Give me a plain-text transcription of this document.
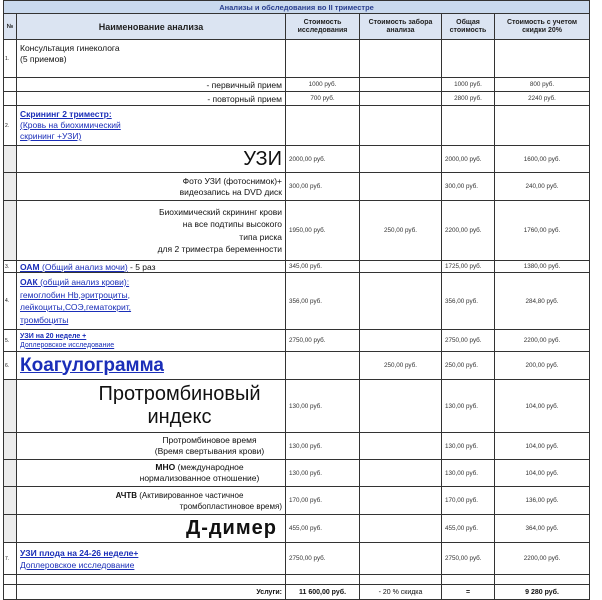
Анализы и обследования во II триместре					
№	Наименование анализа	Стоимость исследования	Стоимость забора анализа	Общая стоимость	Стоимость с учетом скидки 20%
1.	Консультация гинеколога
(5 приемов)				

	- первичный прием	1000 руб.		1000 руб.	800 руб.
	- повторный прием	700 руб.		2800 руб.	2240 руб.
2.	Скрининг 2 триместр:
(Кровь на биохимический
скрининг +УЗИ)				

	УЗИ	2000,00 руб.		2000,00 руб.	1600,00 руб.

	Фото УЗИ (фотоснимок)+
видеозапись на DVD диск	300,00 руб.		300,00 руб.	240,00 руб.

	Биохимический скрининг крови
на все подтипы высокого
типа риска
для 2 триместра беременности	1950,00 руб.	250,00 руб.	2200,00 руб.	1760,00 руб.
3.	ОАМ (Общий анализ мочи) - 5 раз	345,00 руб.		1725,00 руб.	1380,00 руб.
4.	ОАК (общий анализ крови):
гемоглобин Hb,эритроциты,
лейкоциты,СОЭ,гематокрит,
тромбоциты	356,00 руб.		356,00 руб.	284,80 руб.
5.	УЗИ на 20 неделе +
Доплеровское исследование	2750,00 руб.		2750,00 руб.	2200,00 руб.
6.	Коагулограмма		250,00 руб.	250,00 руб.	200,00 руб.

	Протромбиновый
индекс	130,00 руб.		130,00 руб.	104,00 руб.

	Протромбиновое время
(Время свертывания крови)	130,00 руб.		130,00 руб.	104,00 руб.

	МНО (международное
нормализованное отношение)	130,00 руб.		130,00 руб.	104,00 руб.

	АЧТВ (Активированное частичное
тромбопластиновое время)	170,00 руб.		170,00 руб.	136,00 руб.
	Д-димер	455,00 руб.		455,00 руб.	364,00 руб.
7.	УЗИ плода на 24-26 неделе+
Доплеровское исследование	2750,00 руб.		2750,00 руб.	2200,00 руб.

	Услуги:	11 600,00 руб.	- 20 % скидка	=	9 280 руб.
